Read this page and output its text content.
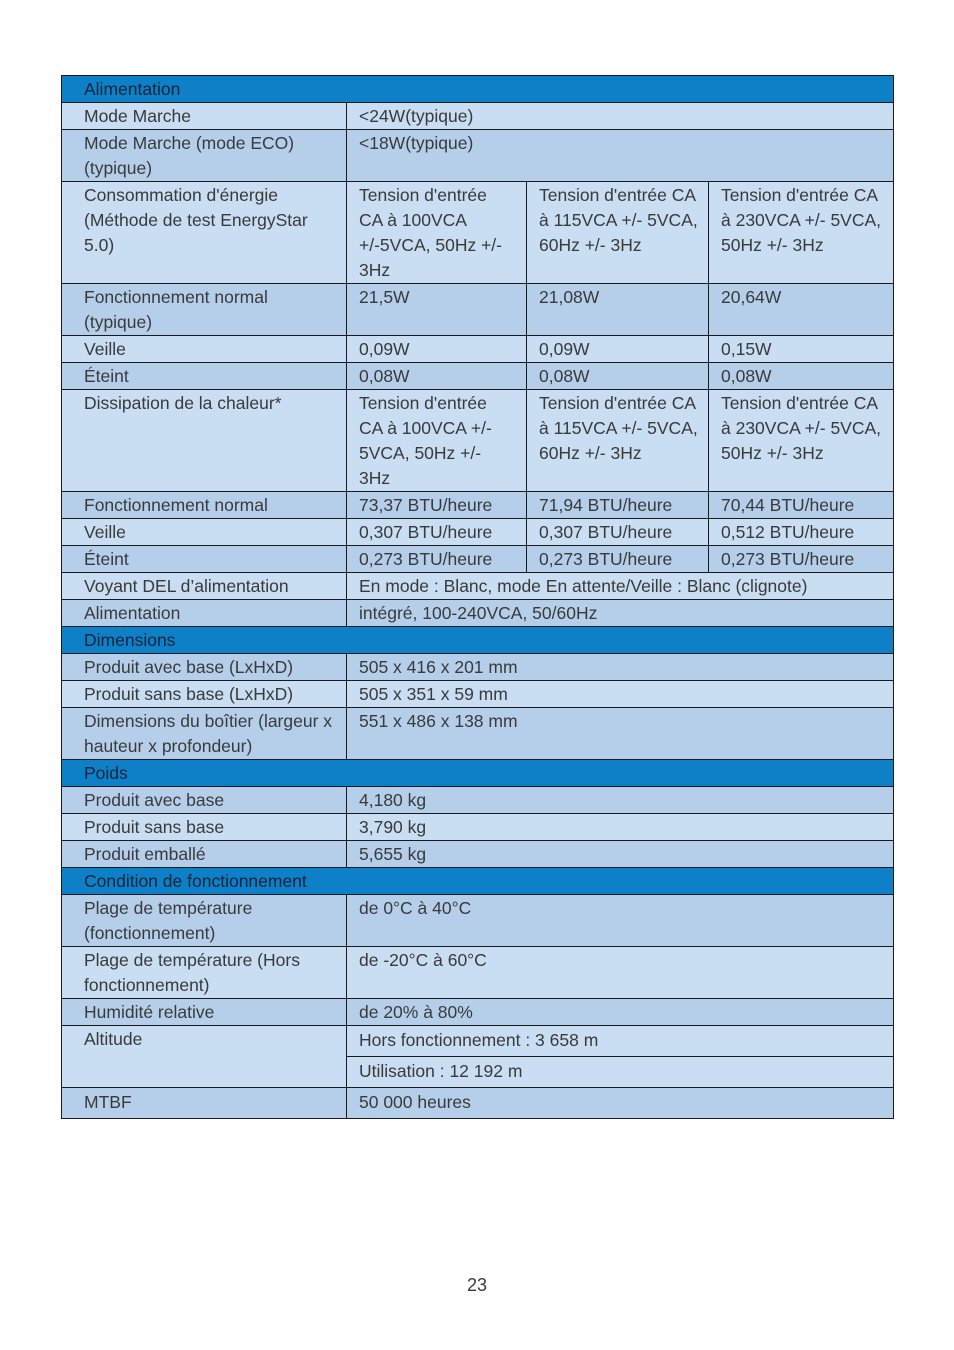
Alimentation			
Mode Marche	<24W(typique)		
Mode Marche (mode ECO) (typique)	<18W(typique)		
Consommation d'énergie (Méthode de test EnergyStar 5.0)	Tension d'entrée CA à 100VCA +/-5VCA, 50Hz +/- 3Hz	Tension d'entrée CA à 115VCA +/- 5VCA, 60Hz +/- 3Hz	Tension d'entrée CA à 230VCA +/- 5VCA, 50Hz +/- 3Hz
Fonctionnement normal (typique)	21,5W	21,08W	20,64W
Veille	0,09W	0,09W	0,15W
Éteint	0,08W	0,08W	0,08W
Dissipation de la chaleur*	Tension d'entrée CA à 100VCA +/- 5VCA, 50Hz +/- 3Hz	Tension d'entrée CA à 115VCA +/- 5VCA, 60Hz +/- 3Hz	Tension d'entrée CA à 230VCA +/- 5VCA, 50Hz +/- 3Hz
Fonctionnement normal	73,37 BTU/heure	71,94 BTU/heure	70,44 BTU/heure
Veille	0,307 BTU/heure	0,307 BTU/heure	0,512 BTU/heure
Éteint	0,273 BTU/heure	0,273 BTU/heure	0,273 BTU/heure
Voyant DEL d’alimentation	En mode : Blanc, mode En attente/Veille : Blanc (clignote)		
Alimentation	intégré, 100-240VCA, 50/60Hz		
Dimensions			
Produit avec base (LxHxD)	505 x 416 x 201 mm		
Produit sans base (LxHxD)	505 x 351 x 59 mm		
Dimensions du boîtier (largeur x hauteur x profondeur)	551 x 486 x 138 mm		
Poids			
Produit avec base	4,180 kg		
Produit sans base	3,790 kg		
Produit emballé	5,655 kg		
Condition de fonctionnement			
Plage de température (fonctionnement)	de 0°C à 40°C		
Plage de température (Hors fonctionnement)	de -20°C à 60°C		
Humidité relative	de 20% à 80%		
Altitude	Hors fonctionnement : 3 658 m		
	Utilisation : 12 192 m		
MTBF	50 000 heures		
23
